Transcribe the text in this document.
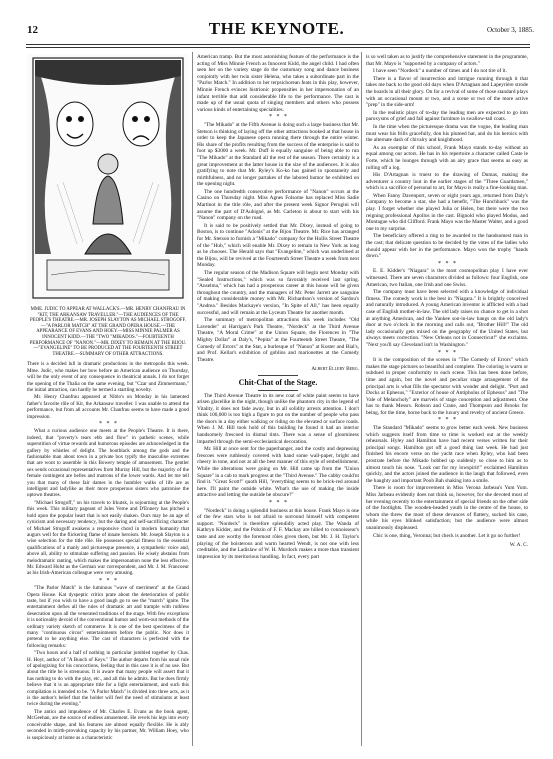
12	THE KEYNOTE.	October 3, 1885.
MME. JUDIC TO APPEAR AT WALLACK'S.—MR. HENRY CHANFRAU IN "KIT, THE ARKANSAW TRAVELLER."—THE AUDIENCES OF THE PEOPLE'S THEATRE.—MR. JOSEPH SLAYTON AS MICHAEL STROGOFF.—"A PARLOR MATCH" AT THE GRAND OPERA HOUSE.—THE APPEARANCE OF EVANS AND HOEY.—MISS MINNIE PALMER AS INNOCENT KIDD.—THE "TWO "MIKADOS."—FOURTEENTH PERFORMANCE OF "NANON."—MR. DIXEY TO REMAIN AT THE BIJOU.—"EVANGELINE" TO BE PRODUCED AT THE FOURTEENTH STREET THEATRE.—SUMMARY OF OTHER ATTRACTIONS.

There is a decided lull in dramatic productions in the metropolis this week. Mme. Judic, who makes her bow before an American audience on Thursday, will be the only event of any consequence in theatrical annals. I do not forget the opening of the Thalia on the same evening, but "Czar und Zimmermann," the initial attraction, can hardly be termed a startling novelty.

Mr. Henry Chanfrau appeared at Niblo's on Monday in his lamented father's favorite rôle of Kit, the Arkansaw traveller. I was unable to attend the performance, but from all accounts Mr. Chanfrau seems to have made a good impression.

*   *   *

What a curious audience one meets at the People's Theatre. It is there, indeed, that "poverty's tears ebb and flow" in pathetic scenes, while superstition of virtue rewards and humorous episodes are acknowledged in the gallery by whistles of delight. The bootblack among the gods and the fashionable man about town in a private box typify the masculine extremes that are wont to assemble in this Bowery temple of amusement. The gentler sex sends occasional representatives from Murray Hill, but the majority of the female contingent are belles and matrons of the lower wards. And let me tell you that many of these fair dames in the humbler walks of life are as intelligent and ladylike as their more prosperous sisters who patronise the uptown theatres.

"Michael Strogoff," on his travels to Irkutsk, is sojourning at the People's this week. This military pageant of Jules Verne and D'Ennery has pitched a hold upon the popular heart that is not easily shaken. Ours may be an age of cynicism and necessary tendency, but the daring and self-sacrificing character of Michael Strogoff awakens a responsive chord in modern humanity that augurs well for the flickering flame of innate heroism. Mr. Joseph Slayton is a wise selection for the title rôle. He possesses special fitness in the essential qualifications of a manly and picturesque presence, a sympathetic voice and, above all, ability to stimulate suffering and passion. He wisely abstains from melodramatic ranting, which makes the impersonation none the less effective. Mr. Edward Holst as the German war correspondent, and Mr. J. M. Francoeur as his Irish-American colleague were very amusing.

*   *   *

"The Parlor Match" is the luminous "wave of merriment" at the Grand Opera House. Kat dyspeptic critics prate about the deterioration of public taste, but if you wish to have a good laugh go to see the "match" ignite. The entertainment defies all the rules of dramatic art and trample with ruthless desecration upon all the venerated traditions of the stage. With few exceptions it is noticeably devoid of the conventional humor and worn-out methods of the ordinary variety sketch of commerce. It is one of the best specimens of the many "continuous circus" entertainments before the public. Nor does it pretend to be anything else. The cast of characters is perfected with the following remarks:

"Two hours and a half of nothing in particular jumbled together by Chas. H. Hoyt, author of "A Bunch of Keys." The author departs from his usual rule of apologizing for his concoctions, feeling that in this case it is of no use. But about the title he is strenuous. It is aware that many people will assert that it has nothing to do with the play, etc., and all this he admits. But he does firmly believe that it is an appropriate title for a light entertainment, and such this compilation is intended to be. "A Parlor Match" is divided into three acts, as it is the author's belief that the holder will feel the need of stimulants at least twice during the evening."

The antics and impudence of Mr. Charles E. Evans as the book agent, McGeehan, are the source of endless amusement. He revels his legs into every conceivable shape, and his features are almost equally flexible. He is ably seconded in mirth-provoking capacity by his partner, Mr. William Hoey, who is suspiciously at home as a characteristic

American tramp. But the most astonishing feature of the performance is the acting of Miss Minnie French as Innocent Kidd, the angel child. I had often seen her on the variety stage do the customary song and dance business conjointly with her twin sister Helena, who takes a subordinate part in the "Parlor Match." In addition to her terpsichorean feats in this play, however, Minnie French evinces histrionic propensities in her impersonation of an infant terrible that add considerable life to the performance. The cast is made up of the usual quota of singing members and others who possess various kinds of entertaining specialities.

*   *   *

"The Mikado" at the Fifth Avenue is doing such a large business that Mr. Stetson is thinking of laying off the other attractions booked at that house in order to keep the Japanese opera running there through the entire winter. His share of the profits resulting from the success of the enterprise is said to foot up $3000 a week. Mr. Duff is equally sanguine of being able to run "The Mikado" at the Standard all the rest of the season. There certainly is a great improvement at the latter house in the size of the audiences. It is also gratifying to note that Mr. Ryley's Ko-ko has gained in spontaneity and mirthfulness, and no longer partakes of the labored humor he exhibited on the opening night.

The one hundredth consecutive performance of "Nanon" occurs at the Casino on Thursday night. Miss Agnes Folsome has replaced Miss Sadie Martinot in the title rôle, and after the present week Signor Perugini will assume the part of D'Aubigné, as Mr. Carleton is about to start with his "Nanon" company on the road.

It is said to be positively settled that Mr. Dixey, instead of going to Boston, is to continue "Adonis" at the Bijou Theatre. Mr. Rice has arranged for Mr. Stetson to furnish a "Mikado" company for the Hollis Street Theatre of the "Hub," which will enable Mr. Dixey to remain in New York as long as he chooses. The Herald says that "Evangeline," which was underlined at the Bijou, will be revived at the Fourteenth Street Theatre a week from next Monday.

The regular season of the Madison Square will begin next Monday with "Sealed Instructions," which was so favorably received last spring. "Anselma," which has had a prosperous career at this house will be given throughout the country, and the managers of Mr. Peter Jarrett are sanguine of making considerable money with Mr. Richardson's version of Sardou's "Andrea." Besides Mackaye's version, "In Spite of All," has been equally successful, and will remain at the Lyceum Theatre for another month.

The summary of metropolitan attractions this week includes "Old Lavender" at Harrigan's Park Theatre, "Nordeck" at the Third Avenue Theatre, "A Moral Crime" at the Union Square, the Florences in "The Mighty Dollar" at Daly's, "Pepita" at the Fourteenth Street Theatre, "The Comedy of Errors" at the Star, a burlesque of "Nanon" at Koster and Bial's, and Prof. Kellar's exhibition of goblins and marionettes at the Comedy Theatre.

Albert Ellery Berg.
Chit-Chat of the Stage.

The Third Avenue Theatre in its new coat of white paint seems to have arisen glacelike in the night, though unlike the phantom city in the legend of Vitality, it does not fade away, but in all solidity arrests attention. I don't think 100,000 is too high a figure to put on the number of people who pass the doors in a day either walking or riding on the elevated or surface roads. When J. M. Hill took hold of this building he found it had an interior handsomely frescoed in dismal tints. There was a sense of gloominess imparted through the semi-ecclesiastical decoration.

Mr. Hill at once sent for the paperhanger, and the costly and depressing frescoes were ruthlessly covered with hand some wall-paper, bright and cheery in tone, and not at all the best manner of this style of embellishment. While the alterations were going on Mr. Hill came up from the "Union Square" in a cab to mark progress at the "Third Avenue." The cabby could'nt find it. "Great Scott!" quoth Hill, "everything seems to be brick-red around here. I'll paint the outside white. What's the use of making the inside attractive and letting the outside be obscure?"

*   *   *

"Nordeck" is doing a splendid business at this house. Frank Mayo is one of the few stars who is not afraid to surround himself with competent support. "Nordeck" is therefore splendidly acted play. The Wanda of Kathryn Kidder, and the Pobzin of F. F. Mackay are hilled to connoisseur's taste and are worthy the foremost rôles given them, but Mr. J. H. Taylor's playing of the boisterous and warm hearted Wendt, is not one with less creditable, and the Ladislaw of W. H. Murdock makes a more than transient impression by its meritorious handling. In fact, every part

is so well taken as to justify the comprehensive statement in the programme, that Mr. Mayo is "supported by a company of actors."

I have seen "Nordeck" a number of times and I do not tire of it.

There is a flavor of insurrection and intrigue running through it that takes me back to the good old days when D'Artagnan and Lapeyrière strode the boards in all their glory. On for a revival of some of those standard plays with an occasional mount or two, and a scene or two of the more active "prep" in the side-arm!

In the realistic plays of to-day the leading men are expected to go into paroxysms of grief and fall against furniture in swallow-tail coats.

In the time when the picturesque drama was the vogue, the leading man must wear his frills gracefully, don his plumed hat, and do his heroics with the alternate dash of chivalry and knighthood.

As an exemplar of this school, Frank Mayo stands to-day without an equal among our actors. He has in his repertoire a character called Caste le Forte, which he lounges through with an airy grace that seems as easy as rolling off a log.

His D'Artagnan is truest to the drawing of Dumas, making the adventurer a country lout in the earlier stages of the "Three Guardsmen," which is a sacrifice of personal to art, for Mayo is really a fine-looking man.

When Fanny Davenport, seven or eight years ago, returned from Daly's Company to become a star, she had a benefit, "The Hunchback" was the play. I forget whether she played Julia or Helen, but there were the two reigning professional Apollos in the cast. Bignold who played Modus, and Montague who did Clifford. Frank Mayo was the Master Walter, and a good one to my surprise.

The beneficiary offered a ring to be awarded to the handsomest man in the cast; that delicate question to be decided by the votes of the ladies who should appear with her in the performance. Mayo won the trophy "hands down."

*   *   *

E. E. Kidder's "Niagara" is the most cosmopolitan play I have ever witnessed. There are seven characters divided as follows: four English, one American, two Italian, one Irish and one Swiss.

The company must have been selected with a knowledge of individual fitness. The comedy work is the best in "Niagara." It is brightly conceived and naturally introduced. A young American inventor is afflicted with a bad case of English mother-in-law. The old lady raises no chance to get in a shot at anything American, and the Yankee son-in-law bangs on the old lady's door at two o'clock in the morning and calls out, "Brother Hill!" The old lady occasionally gets mixed on the geography of the United States, but always meets correction. "New Orleans not in Connecticut!" she exclaims. "Next you'll say Cleveland isn't in Washington."

*   *   *

It is the composition of the scenes in "The Comedy of Errors" which makes the stage pictures so beautiful and complete. The coloring is warm or subdued in proper conformity to each scene. This has been done before, time and again, but the novel and peculiar stage arrangement of the principal arts is what fills the spectator with wonder and delight. "Port and Docks at Ephesus," "Exterior of house of Antipholus of Ephesus" and "The Vale of Melancholy" are marvels of stage conception and adjustment. One has to thank Messrs. Robson and Crane, and Thompson and Brooks for being, for the time, borne back to the luxury and revelry of ancient Greece.

*   *   *

The Standard "Mikado" seems to grow better each week. New business which suggests itself from time to time is worked out at the weekly rehearsals. Hyley and Hamilton have had recent verses written for their principal songs. Hamilton got off a good thing last week. He had just finished his encore verse on the yacht race when Ryley, who had been prostrate before the Mikado bobbed up suddenly so close to him as to almost touch his nose. "Look out for my lowspirit!" exclaimed Hamilton quickly, and the actors joined the audience in the laugh that followed, even the haughty and important Pooh Bah shaking into a smile.

There is room for improvement in Miss Verona Jarbeau's Yum Yum. Miss Jarbeau evidently does not think so, however, for she devoted most of her evening recently to the entertainment of special friends on the other side of the footlights. The wooden-headed youth in the centre of the house, to whom she threw the most of these devances of flattery, sucked his cane, while his eyes blinked satisfaction; but the audience were almost unanimously displeased.

Chic is one, thing, Veronna; but check is another. Let it go no further!

W. A. C.
